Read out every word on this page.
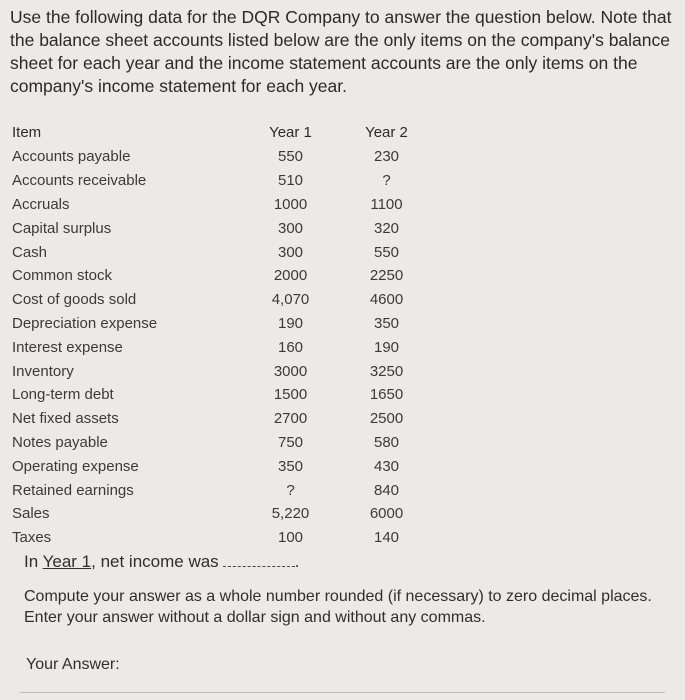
Use the following data for the DQR Company to answer the question below. Note that the balance sheet accounts listed below are the only items on the company's balance sheet for each year and the income statement accounts are the only items on the company's income statement for each year.
Item	Year 1	Year 2
Accounts payable	550	230
Accounts receivable	510	?
Accruals	1000	1100
Capital surplus	300	320
Cash	300	550
Common stock	2000	2250
Cost of goods sold	4,070	4600
Depreciation expense	190	350
Interest expense	160	190
Inventory	3000	3250
Long-term debt	1500	1650
Net fixed assets	2700	2500
Notes payable	750	580
Operating expense	350	430
Retained earnings	?	840
Sales	5,220	6000
Taxes	100	140
In Year 1, net income was	.
Compute your answer as a whole number rounded (if necessary) to zero decimal places. Enter your answer without a dollar sign and without any commas.
Your Answer:
